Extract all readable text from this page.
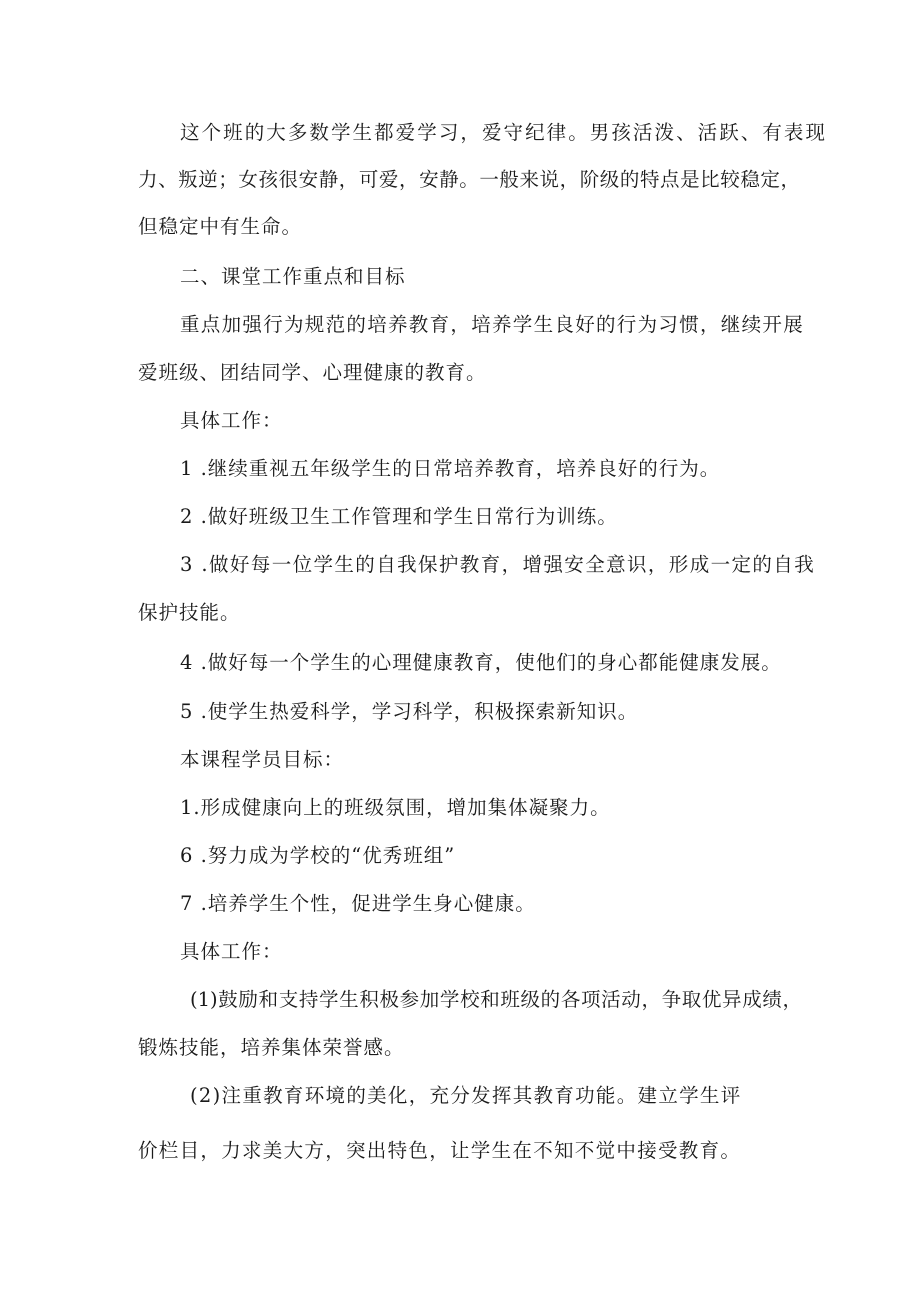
这个班的大多数学生都爱学习，爱守纪律。男孩活泼、活跃、有表现
力、叛逆；女孩很安静，可爱，安静。一般来说，阶级的特点是比较稳定，
但稳定中有生命。
二、课堂工作重点和目标
重点加强行为规范的培养教育，培养学生良好的行为习惯，继续开展
爱班级、团结同学、心理健康的教育。
具体工作：
1 .继续重视五年级学生的日常培养教育，培养良好的行为。
2 .做好班级卫生工作管理和学生日常行为训练。
3 .做好每一位学生的自我保护教育，增强安全意识，形成一定的自我
保护技能。
4 .做好每一个学生的心理健康教育，使他们的身心都能健康发展。
5 .使学生热爱科学，学习科学，积极探索新知识。
本课程学员目标：
1.形成健康向上的班级氛围，增加集体凝聚力。
6 .努力成为学校的“优秀班组”
7 .培养学生个性，促进学生身心健康。
具体工作：
(1)鼓励和支持学生积极参加学校和班级的各项活动，争取优异成绩，
锻炼技能，培养集体荣誉感。
(2)注重教育环境的美化，充分发挥其教育功能。建立学生评
价栏目，力求美大方，突出特色，让学生在不知不觉中接受教育。
